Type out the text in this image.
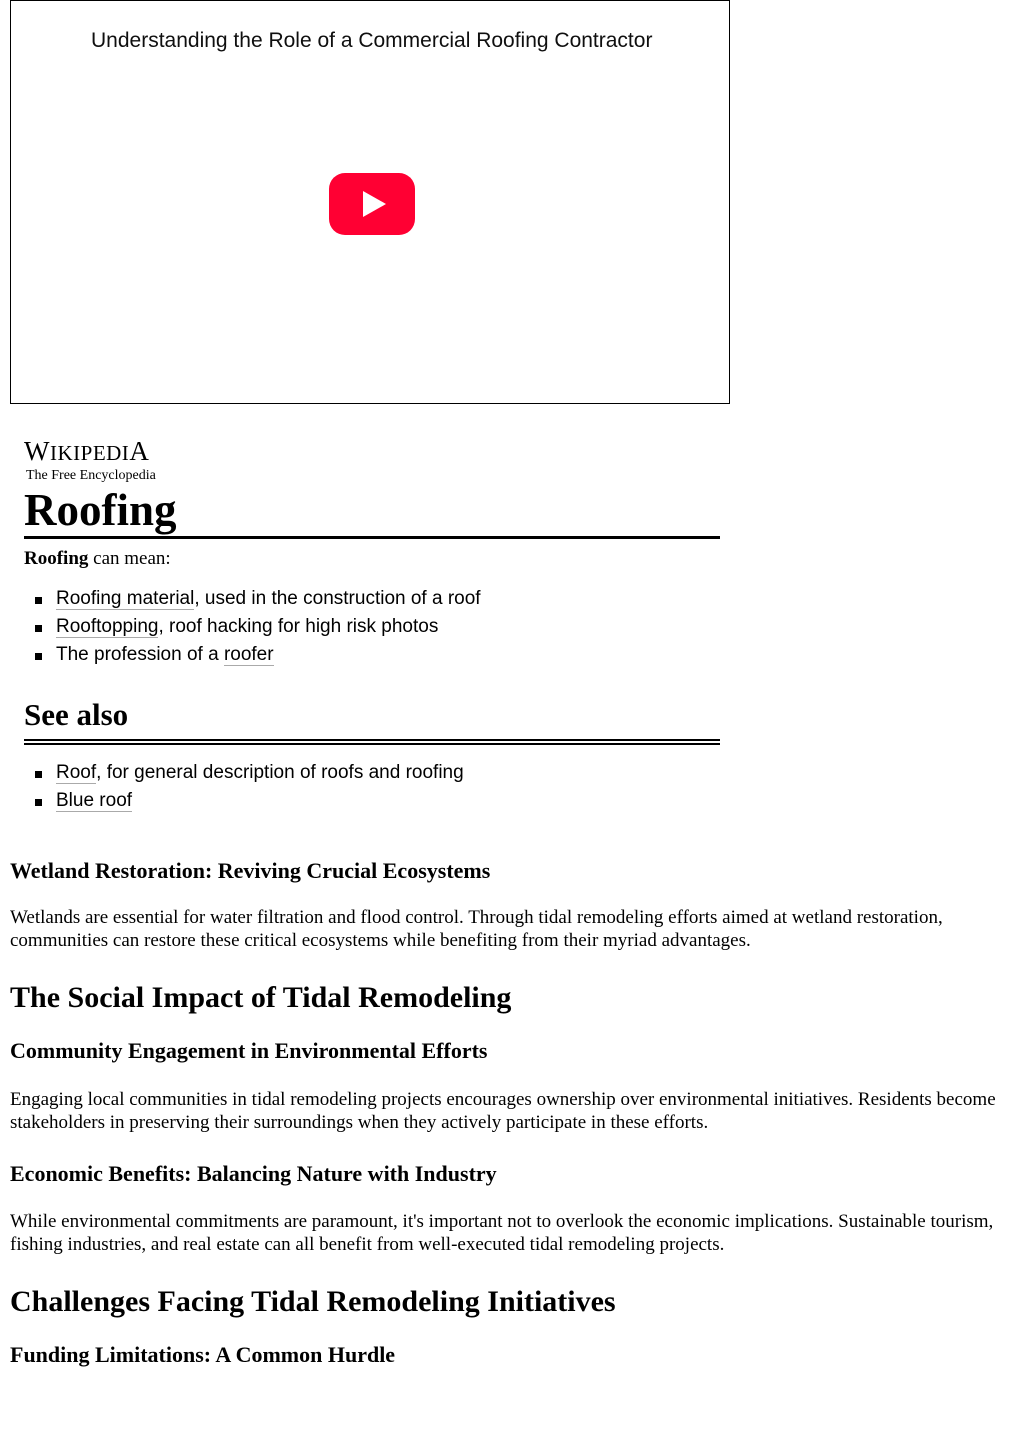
Understanding the Role of a Commercial Roofing Contractor
WIKIPEDIA
The Free Encyclopedia
Roofing

Roofing can mean:

Roofing material, used in the construction of a roof
Rooftopping, roof hacking for high risk photos
The profession of a roofer
See also
Roof, for general description of roofs and roofing
Blue roof
Wetland Restoration: Reviving Crucial Ecosystems

Wetlands are essential for water filtration and flood control. Through tidal remodeling efforts aimed at wetland restoration, communities can restore these critical ecosystems while benefiting from their myriad advantages.

The Social Impact of Tidal Remodeling
Community Engagement in Environmental Efforts

Engaging local communities in tidal remodeling projects encourages ownership over environmental initiatives. Residents become stakeholders in preserving their surroundings when they actively participate in these efforts.

Economic Benefits: Balancing Nature with Industry

While environmental commitments are paramount, it's important not to overlook the economic implications. Sustainable tourism, fishing industries, and real estate can all benefit from well-executed tidal remodeling projects.

Challenges Facing Tidal Remodeling Initiatives
Funding Limitations: A Common Hurdle
